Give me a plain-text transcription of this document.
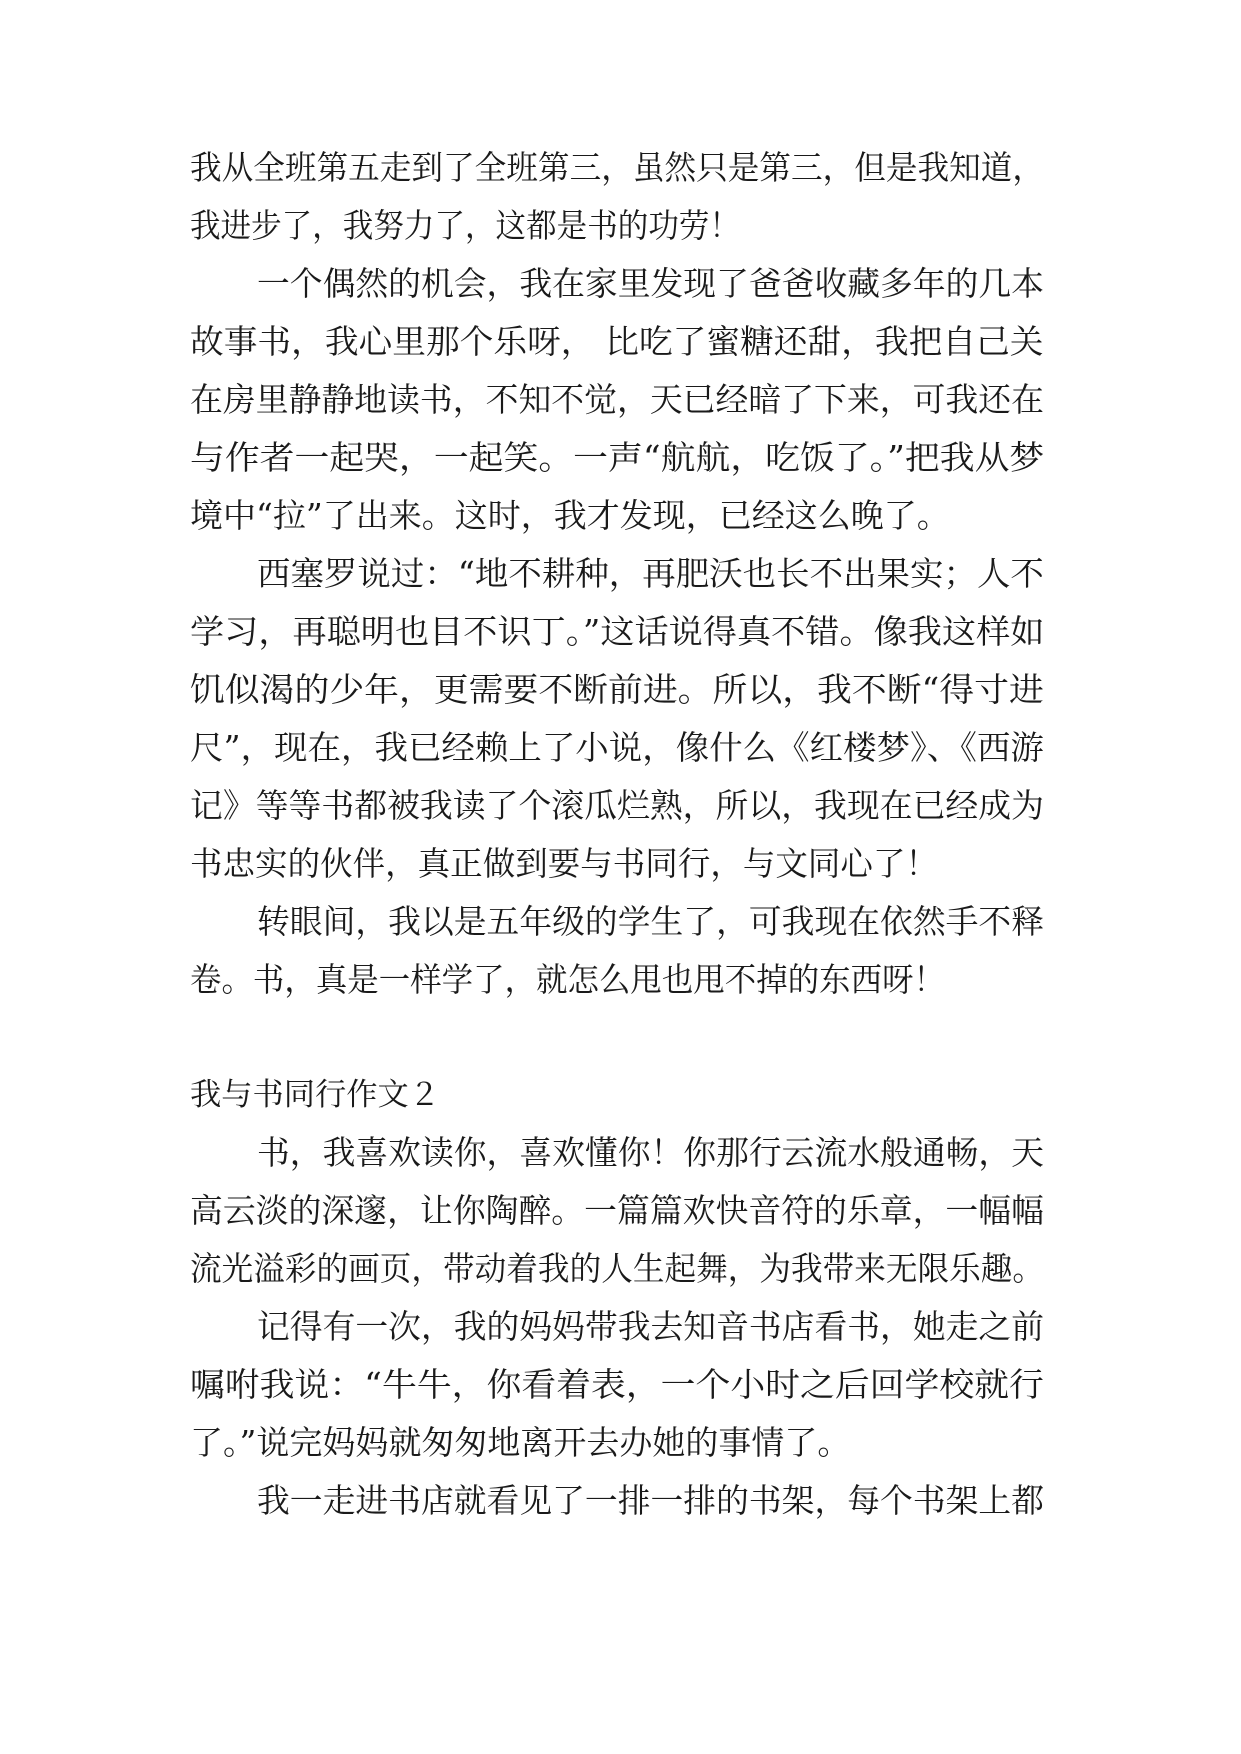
我从全班第五走到了全班第三，虽然只是第三，但是我知道，
我进步了，我努力了，这都是书的功劳！
一个偶然的机会，我在家里发现了爸爸收藏多年的几本
故事书，我心里那个乐呀， 比吃了蜜糖还甜，我把自己关
在房里静静地读书，不知不觉，天已经暗了下来，可我还在
与作者一起哭，一起笑。一声“航航，吃饭了。”把我从梦
境中“拉”了出来。这时，我才发现，已经这么晚了。
西塞罗说过：“地不耕种，再肥沃也长不出果实；人不
学习，再聪明也目不识丁。”这话说得真不错。像我这样如
饥似渴的少年，更需要不断前进。所以，我不断“得寸进
尺”，现在，我已经赖上了小说，像什么《红楼梦》、《西游
记》等等书都被我读了个滚瓜烂熟，所以，我现在已经成为
书忠实的伙伴，真正做到要与书同行，与文同心了！
转眼间，我以是五年级的学生了，可我现在依然手不释
卷。书，真是一样学了，就怎么甩也甩不掉的东西呀！
我与书同行作文２
书，我喜欢读你，喜欢懂你！你那行云流水般通畅，天
高云淡的深邃，让你陶醉。一篇篇欢快音符的乐章，一幅幅
流光溢彩的画页，带动着我的人生起舞，为我带来无限乐趣。
记得有一次，我的妈妈带我去知音书店看书，她走之前
嘱咐我说：“牛牛，你看着表，一个小时之后回学校就行
了。”说完妈妈就匆匆地离开去办她的事情了。
我一走进书店就看见了一排一排的书架，每个书架上都
